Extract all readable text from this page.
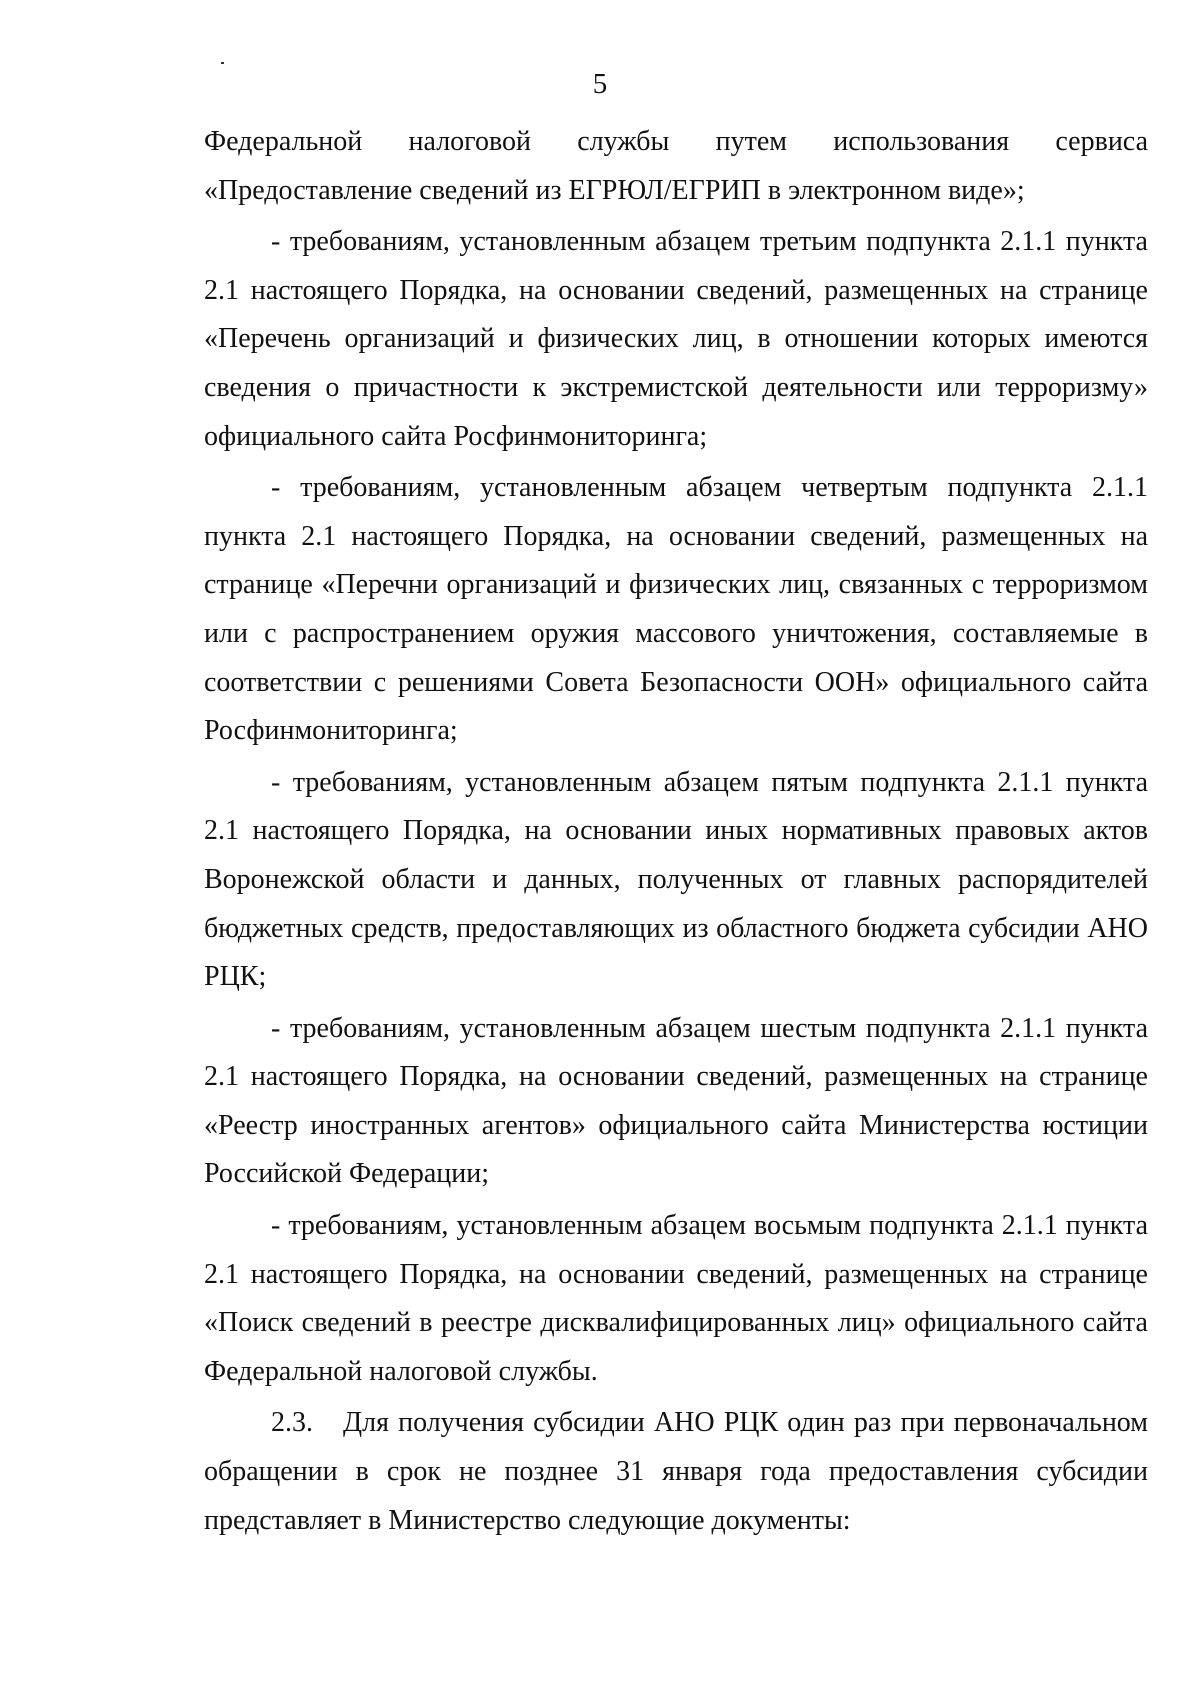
5

Федеральной налоговой службы путем использования сервиса «Предоставление сведений из ЕГРЮЛ/ЕГРИП в электронном виде»;

- требованиям, установленным абзацем третьим подпункта 2.1.1 пункта 2.1 настоящего Порядка, на основании сведений, размещенных на странице «Перечень организаций и физических лиц, в отношении которых имеются сведения о причастности к экстремистской деятельности или терроризму» официального сайта Росфинмониторинга;

- требованиям, установленным абзацем четвертым подпункта 2.1.1 пункта 2.1 настоящего Порядка, на основании сведений, размещенных на странице «Перечни организаций и физических лиц, связанных с терроризмом или с распространением оружия массового уничтожения, составляемые в соответствии с решениями Совета Безопасности ООН» официального сайта Росфинмониторинга;

- требованиям, установленным абзацем пятым подпункта 2.1.1 пункта 2.1 настоящего Порядка, на основании иных нормативных правовых актов Воронежской области и данных, полученных от главных распорядителей бюджетных средств, предоставляющих из областного бюджета субсидии АНО РЦК;

- требованиям, установленным абзацем шестым подпункта 2.1.1 пункта 2.1 настоящего Порядка, на основании сведений, размещенных на странице «Реестр иностранных агентов» официального сайта Министерства юстиции Российской Федерации;

- требованиям, установленным абзацем восьмым подпункта 2.1.1 пункта 2.1 настоящего Порядка, на основании сведений, размещенных на странице «Поиск сведений в реестре дисквалифицированных лиц» официального сайта Федеральной налоговой службы.

2.3. Для получения субсидии АНО РЦК один раз при первоначальном обращении в срок не позднее 31 января года предоставления субсидии представляет в Министерство следующие документы:
